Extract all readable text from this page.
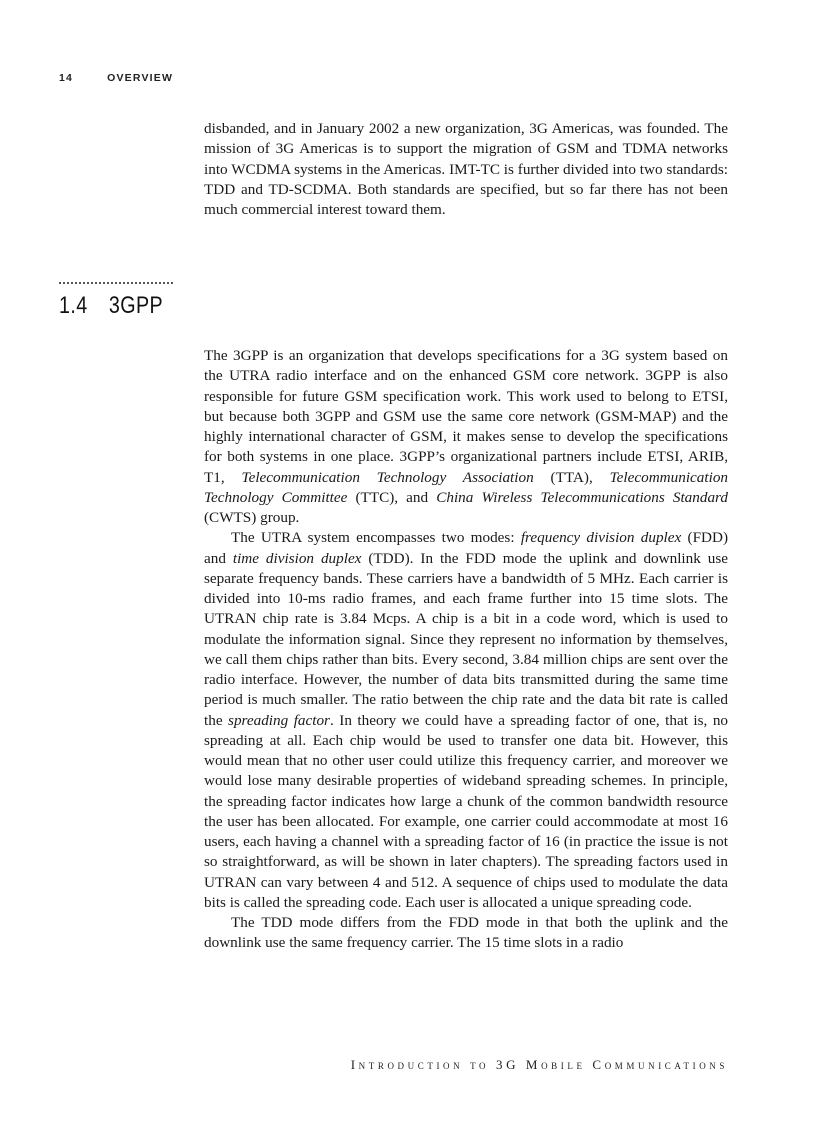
14	OVERVIEW

disbanded, and in January 2002 a new organization, 3G Americas, was founded. The mission of 3G Americas is to support the migration of GSM and TDMA networks into WCDMA systems in the Americas. IMT-TC is further divided into two standards: TDD and TD-SCDMA. Both standards are specified, but so far there has not been much commercial interest toward them.

1.4 3GPP

The 3GPP is an organization that develops specifications for a 3G system based on the UTRA radio interface and on the enhanced GSM core network. 3GPP is also responsible for future GSM specification work. This work used to belong to ETSI, but because both 3GPP and GSM use the same core network (GSM-MAP) and the highly international character of GSM, it makes sense to develop the specifications for both systems in one place. 3GPP’s organizational partners include ETSI, ARIB, T1, Telecommunication Technology Association (TTA), Telecommunication Technology Committee (TTC), and China Wireless Telecommunications Standard (CWTS) group.

The UTRA system encompasses two modes: frequency division duplex (FDD) and time division duplex (TDD). In the FDD mode the uplink and downlink use separate frequency bands. These carriers have a bandwidth of 5 MHz. Each carrier is divided into 10-ms radio frames, and each frame further into 15 time slots. The UTRAN chip rate is 3.84 Mcps. A chip is a bit in a code word, which is used to modulate the information signal. Since they represent no information by themselves, we call them chips rather than bits. Every second, 3.84 million chips are sent over the radio interface. However, the number of data bits transmitted during the same time period is much smaller. The ratio between the chip rate and the data bit rate is called the spreading factor. In theory we could have a spreading factor of one, that is, no spreading at all. Each chip would be used to transfer one data bit. However, this would mean that no other user could utilize this frequency carrier, and moreover we would lose many desirable properties of wideband spreading schemes. In principle, the spreading factor indicates how large a chunk of the common bandwidth resource the user has been allocated. For example, one carrier could accommodate at most 16 users, each having a channel with a spreading factor of 16 (in practice the issue is not so straightforward, as will be shown in later chapters). The spreading factors used in UTRAN can vary between 4 and 512. A sequence of chips used to modulate the data bits is called the spreading code. Each user is allocated a unique spreading code.

The TDD mode differs from the FDD mode in that both the uplink and the downlink use the same frequency carrier. The 15 time slots in a radio

Introduction to 3G Mobile Communications
